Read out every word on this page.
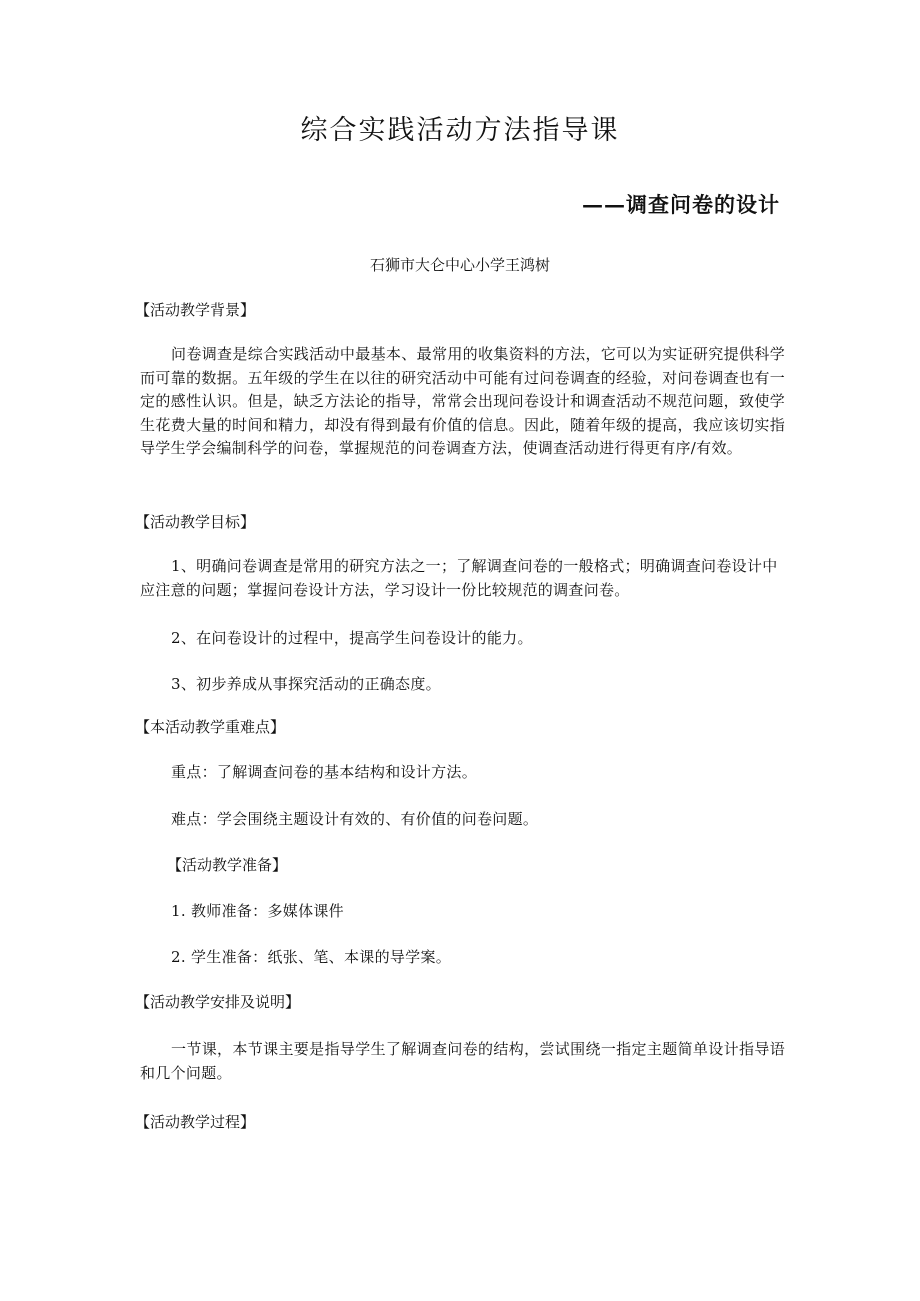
综合实践活动方法指导课
——调查问卷的设计
石狮市大仑中心小学王鸿树
【活动教学背景】
问卷调查是综合实践活动中最基本、最常用的收集资料的方法，它可以为实证研究提供科学而可靠的数据。五年级的学生在以往的研究活动中可能有过问卷调查的经验，对问卷调查也有一定的感性认识。但是，缺乏方法论的指导，常常会出现问卷设计和调查活动不规范问题，致使学生花费大量的时间和精力，却没有得到最有价值的信息。因此，随着年级的提高，我应该切实指导学生学会编制科学的问卷，掌握规范的问卷调查方法，使调查活动进行得更有序/有效。
【活动教学目标】
1、明确问卷调查是常用的研究方法之一；了解调查问卷的一般格式；明确调查问卷设计中应注意的问题；掌握问卷设计方法，学习设计一份比较规范的调查问卷。
2、在问卷设计的过程中，提高学生问卷设计的能力。
3、初步养成从事探究活动的正确态度。
【本活动教学重难点】
重点：了解调查问卷的基本结构和设计方法。
难点：学会围绕主题设计有效的、有价值的问卷问题。
【活动教学准备】
1. 教师准备：多媒体课件
2. 学生准备：纸张、笔、本课的导学案。
【活动教学安排及说明】
一节课，本节课主要是指导学生了解调查问卷的结构，尝试围绕一指定主题简单设计指导语和几个问题。
【活动教学过程】
